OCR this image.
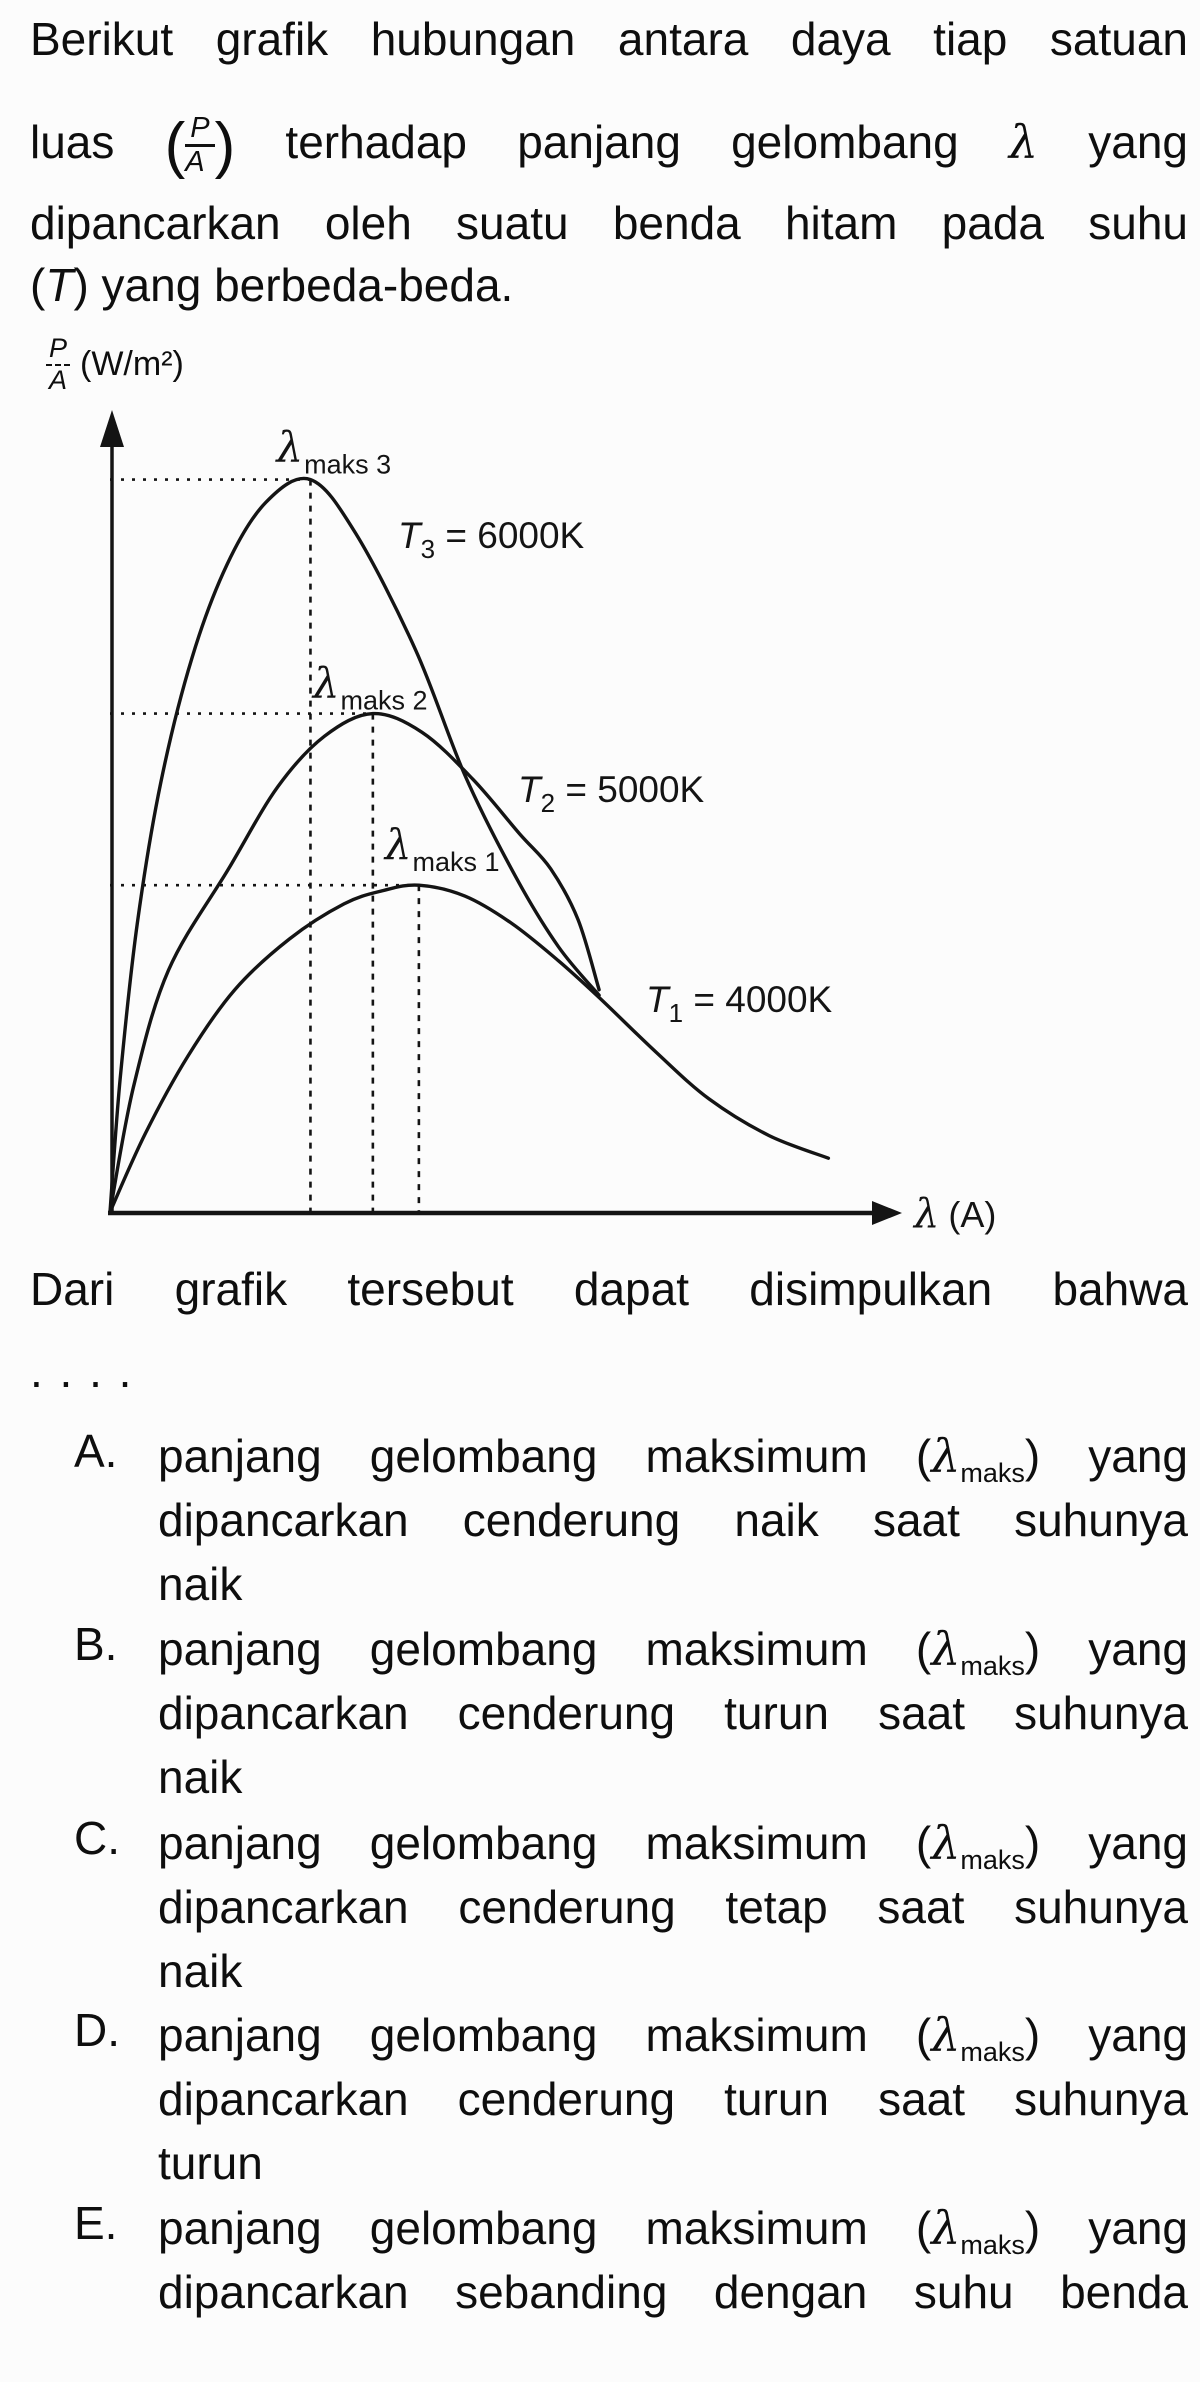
Berikut grafik hubungan antara daya tiap satuan
luas ( $\frac{P}{A}$ ) terhadap panjang gelombang λ yang
dipancarkan oleh suatu benda hitam pada suhu
(T) yang berbeda-beda.
$\frac{P}{A} (W/m^2)$
λmaks 3
T3 = 6000K
λmaks 2
T2 = 5000K
λmaks 1
T1 = 4000K
λ (A)
Dari grafik tersebut dapat disimpulkan bahwa
. . . .
A. panjang gelombang maksimum $(\lambda_{maks})$ yang
dipancarkan cenderung naik saat suhunya
naik
B. panjang gelombang maksimum $(\lambda_{maks})$ yang
dipancarkan cenderung turun saat suhunya
naik
C. panjang gelombang maksimum $(\lambda_{maks})$ yang
dipancarkan cenderung tetap saat suhunya
naik
D. panjang gelombang maksimum $(\lambda_{maks})$ yang
dipancarkan cenderung turun saat suhunya
turun
E. panjang gelombang maksimum $(\lambda_{maks})$ yang
dipancarkan sebanding dengan suhu benda
